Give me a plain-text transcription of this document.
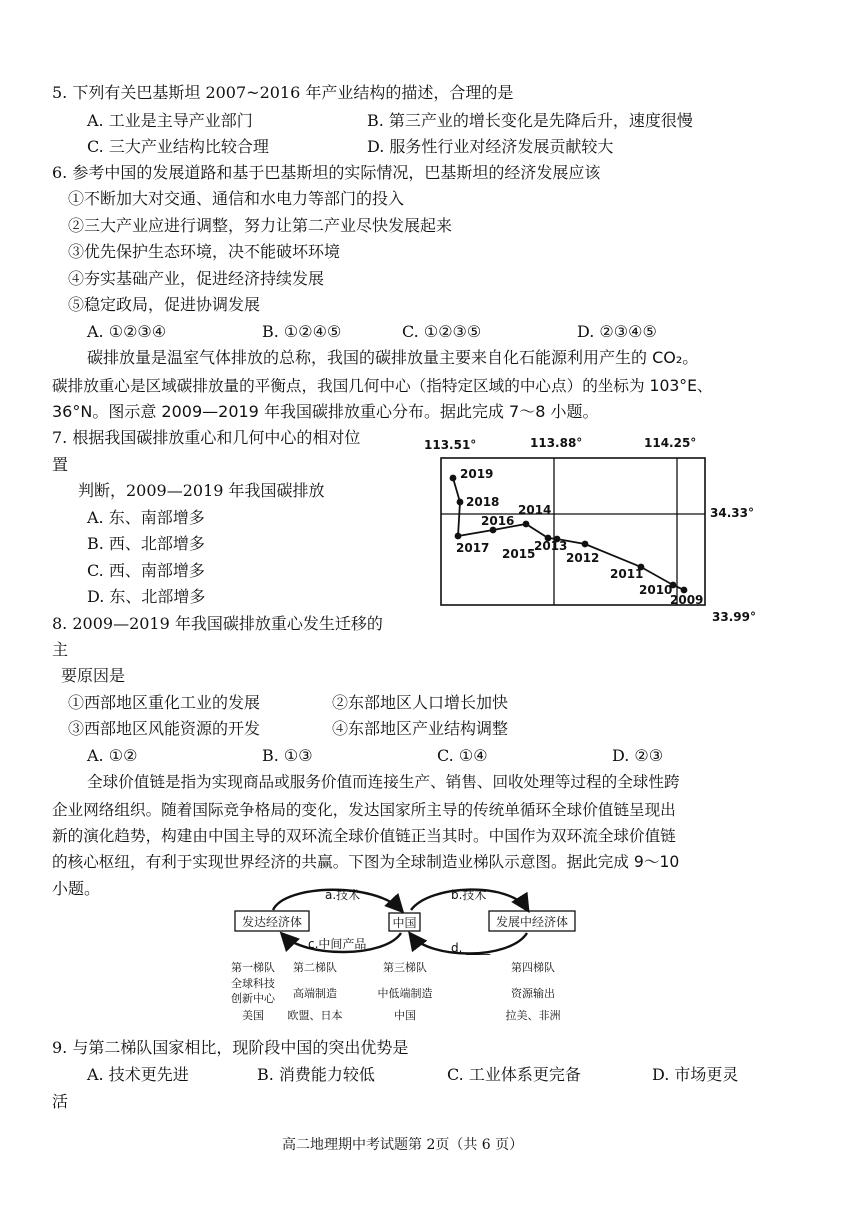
5. 下列有关巴基斯坦 2007~2016 年产业结构的描述，合理的是
A. 工业是主导产业部门	B. 第三产业的增长变化是先降后升，速度很慢
C. 三大产业结构比较合理	D. 服务性行业对经济发展贡献较大
6. 参考中国的发展道路和基于巴基斯坦的实际情况，巴基斯坦的经济发展应该
①不断加大对交通、通信和水电力等部门的投入
②三大产业应进行调整，努力让第二产业尽快发展起来
③优先保护生态环境，决不能破坏环境
④夯实基础产业，促进经济持续发展
⑤稳定政局，促进协调发展
A. ①②③④	B. ①②④⑤	C. ①②③⑤	D. ②③④⑤
碳排放量是温室气体排放的总称，我国的碳排放量主要来自化石能源利用产生的 CO₂。
碳排放重心是区域碳排放量的平衡点，我国几何中心（指特定区域的中心点）的坐标为 103°E、
36°N。图示意 2009—2019 年我国碳排放重心分布。据此完成 7～8 小题。
7. 根据我国碳排放重心和几何中心的相对位
置
判断，2009—2019 年我国碳排放
A. 东、南部增多
B. 西、北部增多
C. 西、南部增多
D. 东、北部增多
113.51°	113.88°	114.25°
34.33°
33.99°
2019
2018
2017
2016
2014
2015
2013
2012
2011
2010
2009
8. 2009—2019 年我国碳排放重心发生迁移的
主
要原因是
①西部地区重化工业的发展	②东部地区人口增长加快
③西部地区风能资源的开发	④东部地区产业结构调整
A. ①②	B. ①③	C. ①④	D. ②③
全球价值链是指为实现商品或服务价值而连接生产、销售、回收处理等过程的全球性跨
企业网络组织。随着国际竞争格局的变化，发达国家所主导的传统单循环全球价值链呈现出
新的演化趋势，构建由中国主导的双环流全球价值链正当其时。中国作为双环流全球价值链
的核心枢纽，有利于实现世界经济的共赢。下图为全球制造业梯队示意图。据此完成 9～10
小题。
发达经济体	中国	发展中经济体
a.技术	b.技术
c.中间产品	d. ____
第一梯队
全球科技
创新中心
美国
第二梯队
高端制造
欧盟、日本
第三梯队
中低端制造
中国
第四梯队
资源输出
拉美、非洲
9. 与第二梯队国家相比，现阶段中国的突出优势是
A. 技术更先进	B. 消费能力较低	C. 工业体系更完备	D. 市场更灵
活
高二地理期中考试题第 2页（共 6 页）
